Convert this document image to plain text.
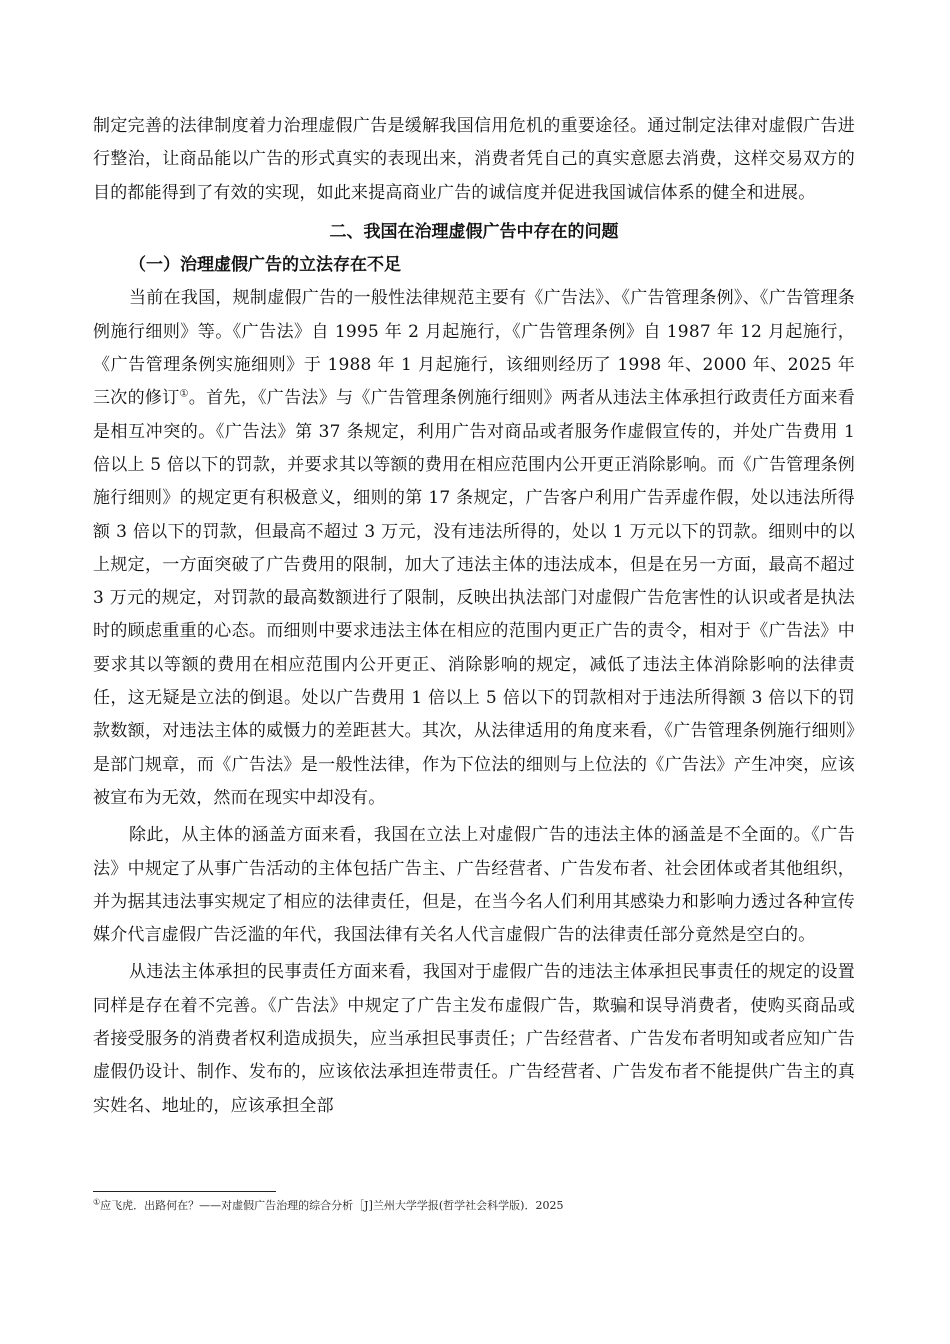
制定完善的法律制度着力治理虚假广告是缓解我国信用危机的重要途径。通过制定法律对虚假广告进行整治，让商品能以广告的形式真实的表现出来，消费者凭自己的真实意愿去消费，这样交易双方的目的都能得到了有效的实现，如此来提高商业广告的诚信度并促进我国诚信体系的健全和进展。

二、我国在治理虚假广告中存在的问题
（一）治理虚假广告的立法存在不足

当前在我国，规制虚假广告的一般性法律规范主要有《广告法》、《广告管理条例》、《广告管理条例施行细则》等。《广告法》自 1995 年 2 月起施行，《广告管理条例》自 1987 年 12 月起施行，《广告管理条例实施细则》于 1988 年 1 月起施行，该细则经历了 1998 年、2000 年、2025 年三次的修订①。首先，《广告法》与《广告管理条例施行细则》两者从违法主体承担行政责任方面来看是相互冲突的。《广告法》第 37 条规定，利用广告对商品或者服务作虚假宣传的，并处广告费用 1 倍以上 5 倍以下的罚款，并要求其以等额的费用在相应范围内公开更正消除影响。而《广告管理条例施行细则》的规定更有积极意义，细则的第 17 条规定，广告客户利用广告弄虚作假，处以违法所得额 3 倍以下的罚款，但最高不超过 3 万元，没有违法所得的，处以 1 万元以下的罚款。细则中的以上规定，一方面突破了广告费用的限制，加大了违法主体的违法成本，但是在另一方面，最高不超过 3 万元的规定，对罚款的最高数额进行了限制，反映出执法部门对虚假广告危害性的认识或者是执法时的顾虑重重的心态。而细则中要求违法主体在相应的范围内更正广告的责令，相对于《广告法》中要求其以等额的费用在相应范围内公开更正、消除影响的规定，减低了违法主体消除影响的法律责任，这无疑是立法的倒退。处以广告费用 1 倍以上 5 倍以下的罚款相对于违法所得额 3 倍以下的罚款数额，对违法主体的威慑力的差距甚大。其次，从法律适用的角度来看，《广告管理条例施行细则》是部门规章，而《广告法》是一般性法律，作为下位法的细则与上位法的《广告法》产生冲突，应该被宣布为无效，然而在现实中却没有。

除此，从主体的涵盖方面来看，我国在立法上对虚假广告的违法主体的涵盖是不全面的。《广告法》中规定了从事广告活动的主体包括广告主、广告经营者、广告发布者、社会团体或者其他组织，并为据其违法事实规定了相应的法律责任，但是，在当今名人们利用其感染力和影响力透过各种宣传媒介代言虚假广告泛滥的年代，我国法律有关名人代言虚假广告的法律责任部分竟然是空白的。

从违法主体承担的民事责任方面来看，我国对于虚假广告的违法主体承担民事责任的规定的设置同样是存在着不完善。《广告法》中规定了广告主发布虚假广告，欺骗和误导消费者，使购买商品或者接受服务的消费者权利造成损失，应当承担民事责任；广告经营者、广告发布者明知或者应知广告虚假仍设计、制作、发布的，应该依法承担连带责任。广告经营者、广告发布者不能提供广告主的真实姓名、地址的，应该承担全部

①应飞虎．出路何在？——对虚假广告治理的综合分析［J]兰州大学学报(哲学社会科学版)．2025
